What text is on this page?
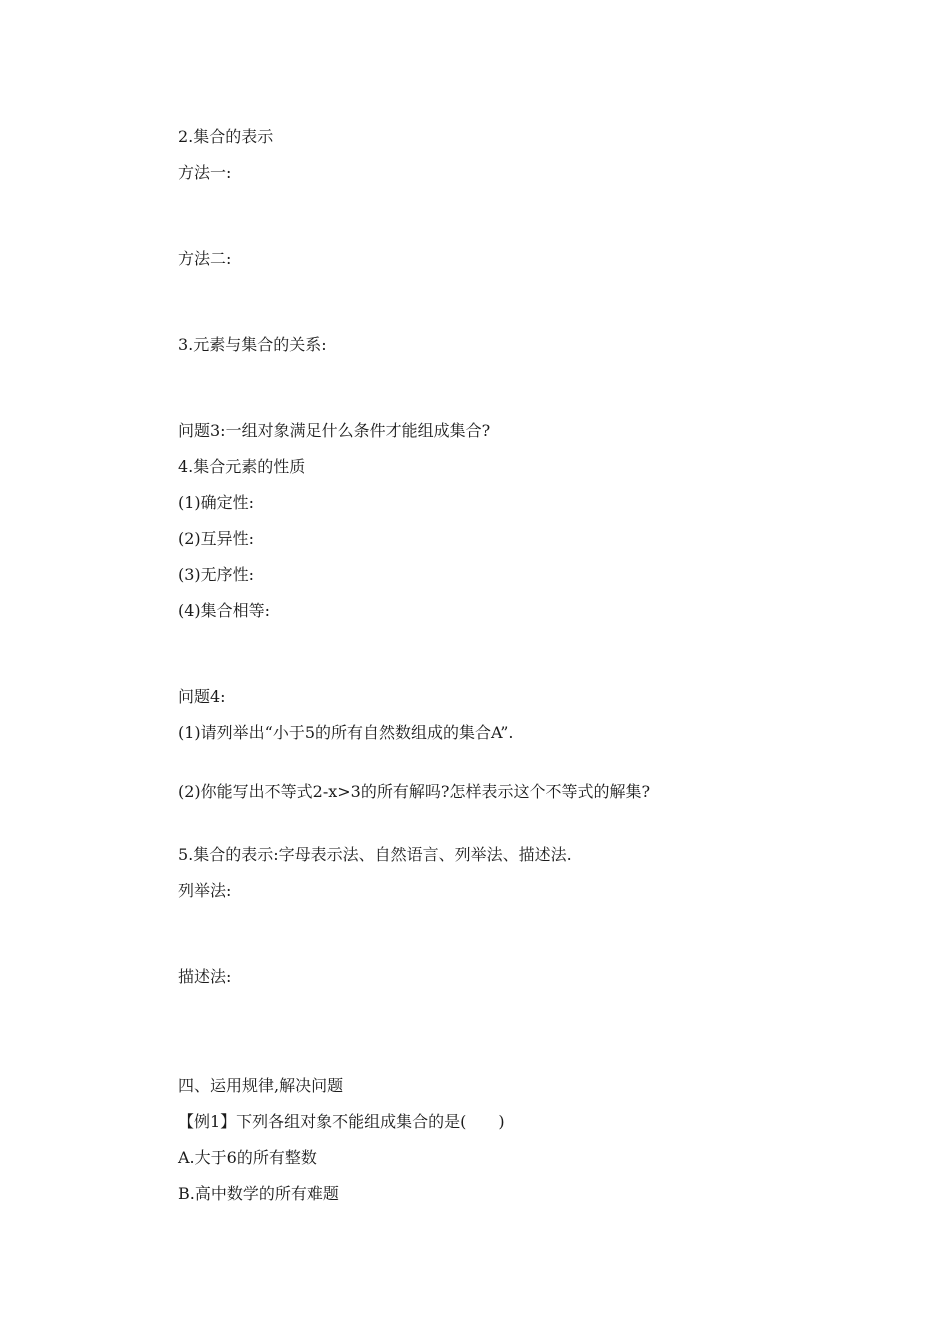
2.集合的表示
方法一:
方法二:
3.元素与集合的关系:
问题3:一组对象满足什么条件才能组成集合?
4.集合元素的性质
(1)确定性:
(2)互异性:
(3)无序性:
(4)集合相等:
问题4:
(1)请列举出“小于5的所有自然数组成的集合A”.
(2)你能写出不等式2-x>3的所有解吗?怎样表示这个不等式的解集?
5.集合的表示:字母表示法、自然语言、列举法、描述法.
列举法:
描述法:
四、运用规律,解决问题
【例1】下列各组对象不能组成集合的是(　　)
A.大于6的所有整数
B.高中数学的所有难题
